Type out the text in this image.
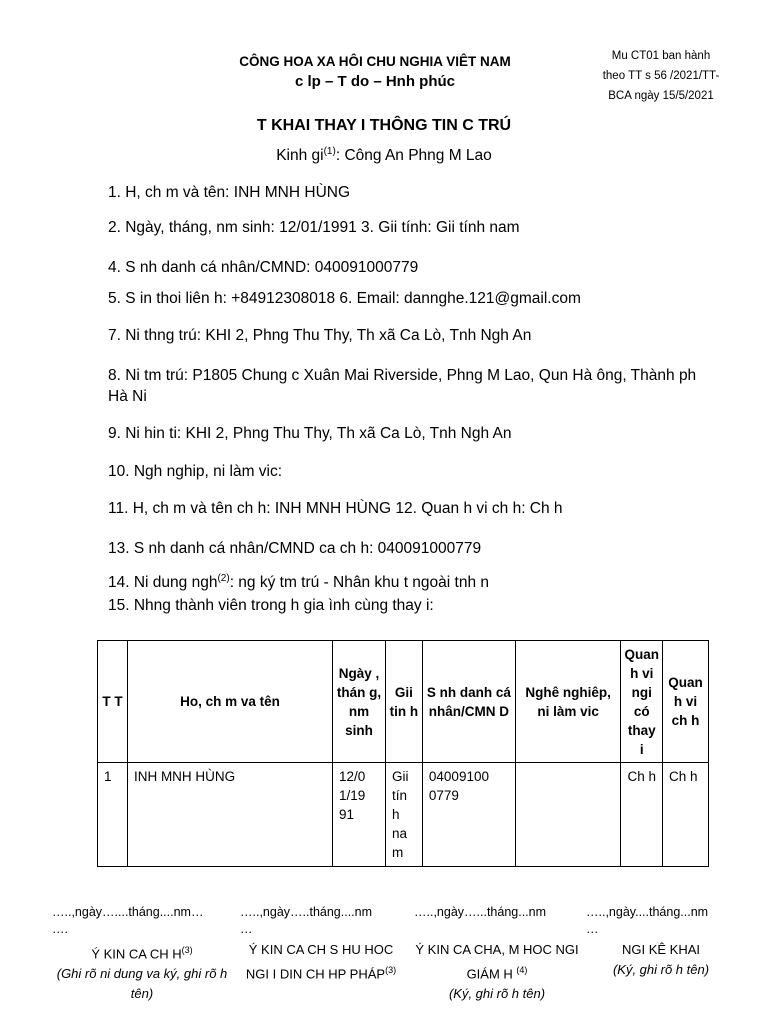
CÔNG HOA XA HÔI CHU NGHIA VIÊT NAM
c lp – T do – Hnh phúc
Mu CT01 ban hành
theo TT s 56 /2021/TT-
BCA ngày 15/5/2021
T KHAI THAY I THÔNG TIN C TRÚ
Kinh $gi^{(1)}$: Công An Phng M Lao
1. H, ch m và tên: INH MNH HÙNG
2. Ngày, tháng, nm sinh: 12/01/1991 3. Gii tính: Gii tính nam
4. S nh danh cá nhân/CMND: 040091000779
5. S in thoi liên h: +84912308018 6. Email: dannghe.121@gmail.com
7. Ni thng trú: KHI 2, Phng Thu Thy, Th xã Ca Lò, Tnh Ngh An
8. Ni tm trú: P1805 Chung c Xuân Mai Riverside, Phng M Lao, Qun Hà ông, Thành ph Hà Ni
9. Ni hin ti: KHI 2, Phng Thu Thy, Th xã Ca Lò, Tnh Ngh An
10. Ngh nghip, ni làm vic:
11. H, ch m và tên ch h: INH MNH HÙNG 12. Quan h vi ch h: Ch h
13. S nh danh cá nhân/CMND ca ch h: 040091000779
14. Ni dung ngh$^{(2)}$: ng ký tm trú - Nhân khu t ngoài tnh n
15. Nhng thành viên trong h gia ình cùng thay i:
T T	Ho, ch m va tên	Ngày , thán g, nm sinh	Gii tin h	S nh danh cá nhân/CMN D	Nghê nghiêp, ni làm vic	Quan h vi ngi có thay i	Quan h vi ch h
1	INH MNH HÙNG	12/0 1/19 91	Gii tín h na m	04009100 0779		Ch h	Ch h
…..,ngày…....tháng....nm…
….
…..,ngày…..tháng....nm
…
…..,ngày…...tháng...nm	…..,ngày....tháng...nm
…
Ý KIN CA CH $H^{(3)}$
(Ghi rõ ni dung va ký, ghi rõ h tên)
Ý KIN CA CH S HU HOC NGI I DIN CH HP PHÁP$^{(3)}$
Ý KIN CA CHA, M HOC NGI GIÁM H $^{(4)}$
(Ký, ghi rõ h tên)
NGI KÊ KHAI
(Ký, ghi rõ h tên)
